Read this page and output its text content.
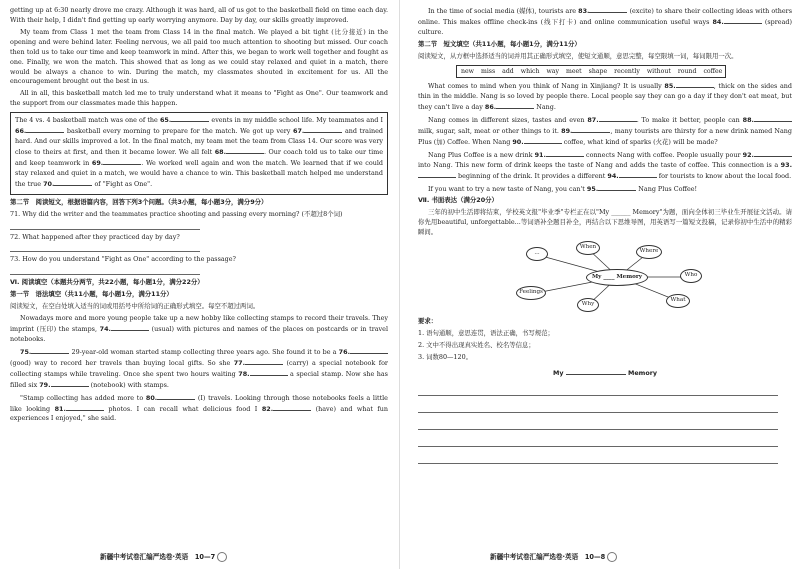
getting up at 6:30 nearly drove me crazy. Although it was hard, all of us got to the basketball field on time each day. With their help, I didn't find getting up early worrying anymore. Day by day, our skills greatly improved.

My team from Class 1 met the team from Class 14 in the final match. We played a bit tight (比分接近) in the opening and were behind later. Feeling nervous, we all paid too much attention to shooting but missed. Our coach then told us to take our time and keep teamwork in mind. After this, we began to work well together and fought as one. Finally, we won the match. This showed that as long as we could stay relaxed and quiet in a match, there would be always a chance to win. During the match, my classmates shouted in excitement for us. All the encouragement brought out the best in us.

All in all, this basketball match led me to truly understand what it means to "Fight as One". Our teamwork and the support from our classmates made this happen.

The 4 vs. 4 basketball match was one of the 65.	events in my middle school life. My teammates and I 66.	basketball every morning to prepare for the match. We got up very 67.	and trained hard. And our skills improved a lot. In the final match, my team met the team from Class 14. Our score was very close to theirs at first, and then it became lower. We all felt 68.	. Our coach told us to take our time and keep teamwork in 69.	. We worked well again and won the match. We learned that if we could stay relaxed and quiet in a match, we would have a chance to win. This basketball match helped me understand the true 70.	of "Fight as One".

第二节　阅读短文，根据语篇内容，回答下列3个问题。（共3小题，每小题3分，满分9分）

71. Why did the writer and the teammates practice shooting and passing every morning? (不超过8个词)

72. What happened after they practiced day by day?

73. How do you understand "Fight as One" according to the passage?

Ⅵ. 阅读填空（本题共分两节，共22小题，每小题1分，满分22分）

第一节　语法填空（共11小题，每小题1分，满分11分）

阅读短文，在空白处填入适当的词或用括号中所给词的正确形式填空。每空不超过两词。

Nowadays more and more young people take up a new hobby like collecting stamps to record their travels. They imprint (压印) the stamps, 74.	(usual) with pictures and names of the places on postcards or in travel notebooks.

75.	29-year-old woman started stamp collecting three years ago. She found it to be a 76. (good) way to record her travels than buying local gifts. So she 77.	(carry) a special notebook for collecting stamps while traveling. Once she spent two hours waiting 78.	a special stamp. Now she has filled six 79.	(notebook) with stamps.

"Stamp collecting has added more to 80.	(I) travels. Looking through those notebooks feels a little like looking 81.	photos. I can recall what delicious food I 82.	(have) and what fun experiences I enjoyed," she said.

新疆中考试卷汇编严选卷·英语　10—7

In the time of social media (媒体), tourists are 83.	(excite) to share their collecting ideas with others online. This makes offline check-ins (线下打卡) and online communication useful ways 84.	(spread) culture.

第二节　短文填空（共11小题，每小题1分，满分11分）

阅读短文，从方框中选择适当的词并用其正确形式填空，使短文通顺，意思完整，每空限填一词，每词限用一次。

new miss add which way meet shape recently without round coffee

What comes to mind when you think of Nang in Xinjiang? It is usually 85.	, thick on the sides and thin in the middle. Nang is so loved by people there. Local people say they can go a day if they don't eat meat, but they can't live a day 86.	Nang.

Nang comes in different sizes, tastes and even 87.	. To make it better, people can 88. milk, sugar, salt, meat or other things to it. 89.	, many tourists are thirsty for a new drink named Nang Plus (加) Coffee. When Nang 90.	coffee, what kind of sparks (火花) will be made?

Nang Plus Coffee is a new drink 91.	connects Nang with coffee. People usually pour 92. into Nang. This new form of drink keeps the taste of Nang and adds the taste of coffee. This connection is a 93. beginning of the drink. It provides a different 94.	for tourists to know about the local food.

If you want to try a new taste of Nang, you can't 95.	Nang Plus Coffee!

Ⅶ. 书面表达（满分20分）

三年的初中生活即将结束，学校英文报"毕业季"专栏正在以"My ______ Memory"为题，面向全体初三毕业生开展征文活动。请你先用beautiful, unforgettable...等词语补全题目补全，再结合以下思维导图，用英语写一篇短文投稿，记录你初中生活中的精彩瞬间。

My ____ Memory
...
When
Where
Who
What
Why
Feelings

要求：

1. 语句通顺，意思连贯，语法正确，书写规范；

2. 文中不得出现真实姓名、校名等信息；

3. 词数80—120。

My	Memory

新疆中考试卷汇编严选卷·英语　10—8
